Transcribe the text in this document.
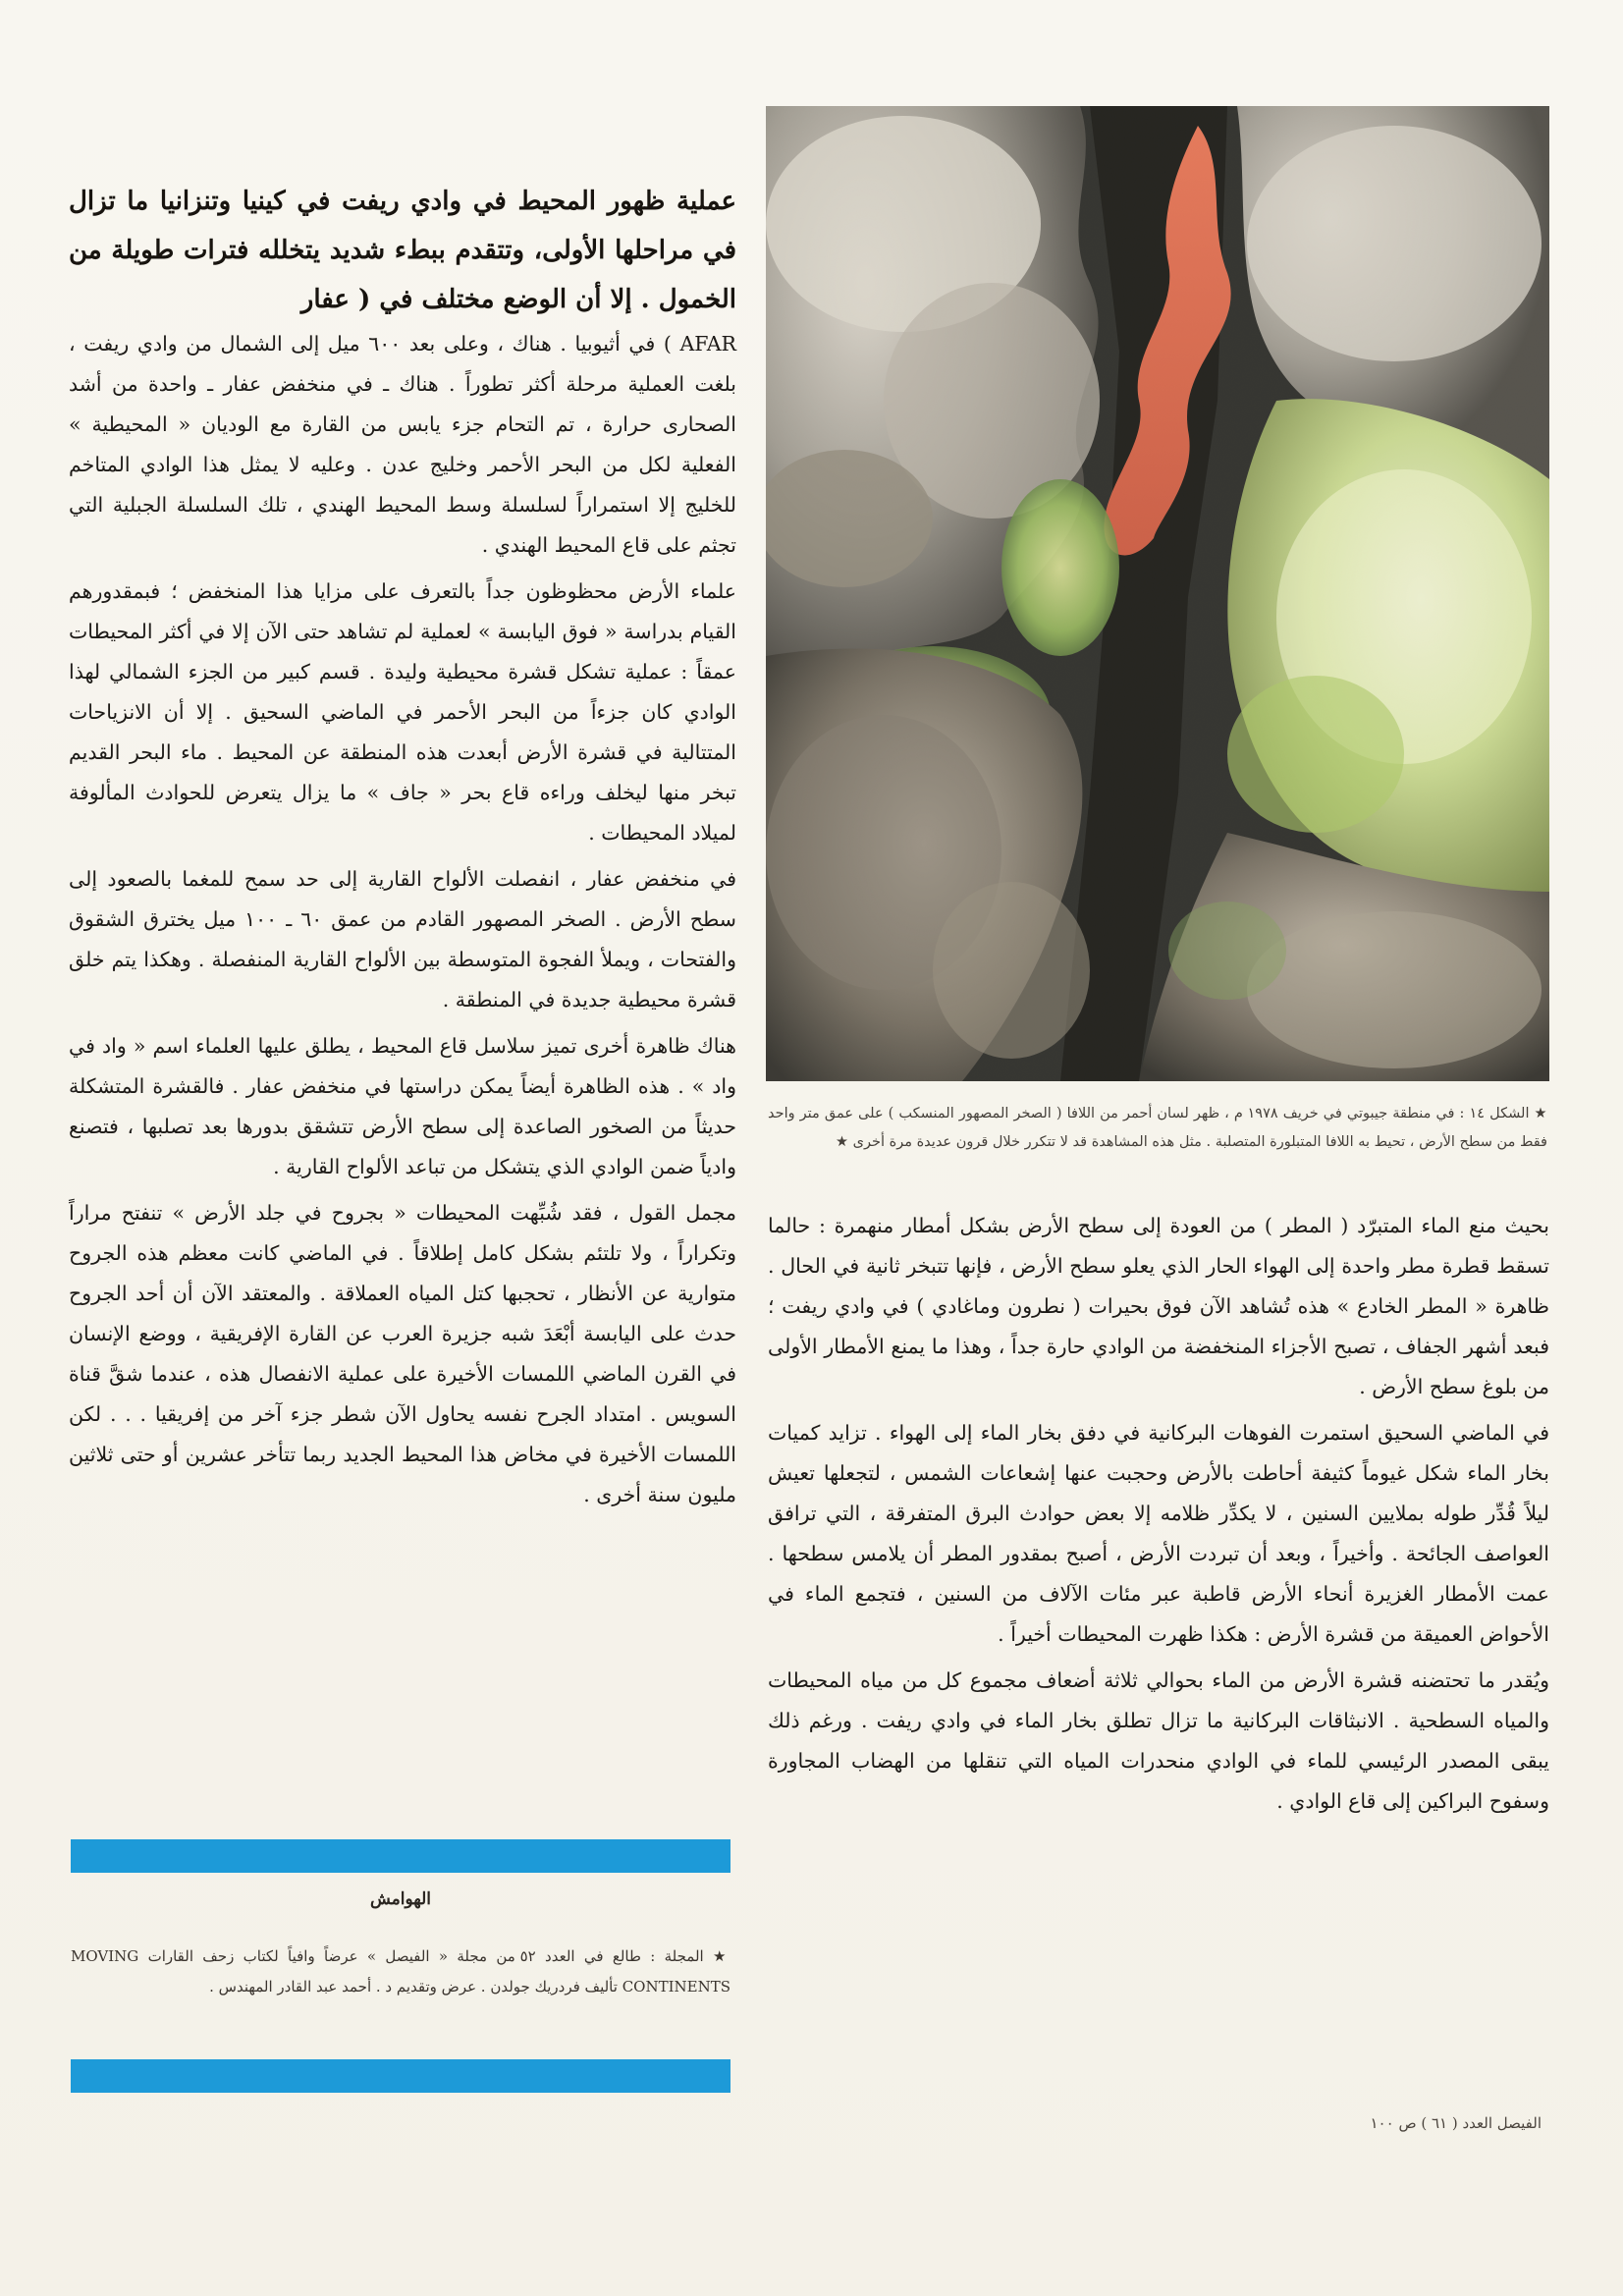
عملية ظهور المحيط في وادي ريفت في كينيا وتنزانيا ما تزال في مراحلها الأولى، وتتقدم ببطء شديد يتخلله فترات طويلة من الخمول . إلا أن الوضع مختلف في ( عفار

AFAR ) في أثيوبيا . هناك ، وعلى بعد ٦٠٠ ميل إلى الشمال من وادي ريفت ، بلغت العملية مرحلة أكثر تطوراً . هناك ـ في منخفض عفار ـ واحدة من أشد الصحارى حرارة ، تم التحام جزء يابس من القارة مع الوديان « المحيطية » الفعلية لكل من البحر الأحمر وخليج عدن . وعليه لا يمثل هذا الوادي المتاخم للخليج إلا استمراراً لسلسلة وسط المحيط الهندي ، تلك السلسلة الجبلية التي تجثم على قاع المحيط الهندي .

علماء الأرض محظوظون جداً بالتعرف على مزايا هذا المنخفض ؛ فبمقدورهم القيام بدراسة « فوق اليابسة » لعملية لم تشاهد حتى الآن إلا في أكثر المحيطات عمقاً : عملية تشكل قشرة محيطية وليدة . قسم كبير من الجزء الشمالي لهذا الوادي كان جزءاً من البحر الأحمر في الماضي السحيق . إلا أن الانزياحات المتتالية في قشرة الأرض أبعدت هذه المنطقة عن المحيط . ماء البحر القديم تبخر منها ليخلف وراءه قاع بحر « جاف » ما يزال يتعرض للحوادث المألوفة لميلاد المحيطات .

في منخفض عفار ، انفصلت الألواح القارية إلى حد سمح للمغما بالصعود إلى سطح الأرض . الصخر المصهور القادم من عمق ٦٠ ـ ١٠٠ ميل يخترق الشقوق والفتحات ، ويملأ الفجوة المتوسطة بين الألواح القارية المنفصلة . وهكذا يتم خلق قشرة محيطية جديدة في المنطقة .

هناك ظاهرة أخرى تميز سلاسل قاع المحيط ، يطلق عليها العلماء اسم « واد في واد » . هذه الظاهرة أيضاً يمكن دراستها في منخفض عفار . فالقشرة المتشكلة حديثاً من الصخور الصاعدة إلى سطح الأرض تتشقق بدورها بعد تصلبها ، فتصنع وادياً ضمن الوادي الذي يتشكل من تباعد الألواح القارية .

مجمل القول ، فقد شُبِّهت المحيطات « بجروح في جلد الأرض » تنفتح مراراً وتكراراً ، ولا تلتئم بشكل كامل إطلاقاً . في الماضي كانت معظم هذه الجروح متوارية عن الأنظار ، تحجبها كتل المياه العملاقة . والمعتقد الآن أن أحد الجروح حدث على اليابسة أبْعَدَ شبه جزيرة العرب عن القارة الإفريقية ، ووضع الإنسان في القرن الماضي اللمسات الأخيرة على عملية الانفصال هذه ، عندما شقَّ قناة السويس . امتداد الجرح نفسه يحاول الآن شطر جزء آخر من إفريقيا . . . لكن اللمسات الأخيرة في مخاض هذا المحيط الجديد ربما تتأخر عشرين أو حتى ثلاثين مليون سنة أخرى .

الهوامش
★ المجلة : طالع في العدد ٥٢ من مجلة « الفيصل » عرضاً وافياً لكتاب زحف القارات MOVING CONTINENTS تأليف فردريك جولدن . عرض وتقديم د . أحمد عبد القادر المهندس .
★ الشكل ١٤ : في منطقة جيبوتي في خريف ١٩٧٨ م ، ظهر لسان أحمر من اللافا ( الصخر المصهور المنسكب ) على عمق متر واحد فقط من سطح الأرض ، تحيط به اللافا المتبلورة المتصلبة . مثل هذه المشاهدة قد لا تتكرر خلال قرون عديدة مرة أخرى ★

بحيث منع الماء المتبرّد ( المطر ) من العودة إلى سطح الأرض بشكل أمطار منهمرة : حالما تسقط قطرة مطر واحدة إلى الهواء الحار الذي يعلو سطح الأرض ، فإنها تتبخر ثانية في الحال . ظاهرة « المطر الخادع » هذه تُشاهد الآن فوق بحيرات ( نطرون وماغادي ) في وادي ريفت ؛ فبعد أشهر الجفاف ، تصبح الأجزاء المنخفضة من الوادي حارة جداً ، وهذا ما يمنع الأمطار الأولى من بلوغ سطح الأرض .

في الماضي السحيق استمرت الفوهات البركانية في دفق بخار الماء إلى الهواء . تزايد كميات بخار الماء شكل غيوماً كثيفة أحاطت بالأرض وحجبت عنها إشعاعات الشمس ، لتجعلها تعيش ليلاً قُدِّر طوله بملايين السنين ، لا يكدِّر ظلامه إلا بعض حوادث البرق المتفرقة ، التي ترافق العواصف الجائحة . وأخيراً ، وبعد أن تبردت الأرض ، أصبح بمقدور المطر أن يلامس سطحها . عمت الأمطار الغزيرة أنحاء الأرض قاطبة عبر مئات الآلاف من السنين ، فتجمع الماء في الأحواض العميقة من قشرة الأرض : هكذا ظهرت المحيطات أخيراً .

ويُقدر ما تحتضنه قشرة الأرض من الماء بحوالي ثلاثة أضعاف مجموع كل من مياه المحيطات والمياه السطحية . الانبثاقات البركانية ما تزال تطلق بخار الماء في وادي ريفت . ورغم ذلك يبقى المصدر الرئيسي للماء في الوادي منحدرات المياه التي تنقلها من الهضاب المجاورة وسفوح البراكين إلى قاع الوادي .

الفيصل العدد ( ٦١ ) ص ١٠٠
